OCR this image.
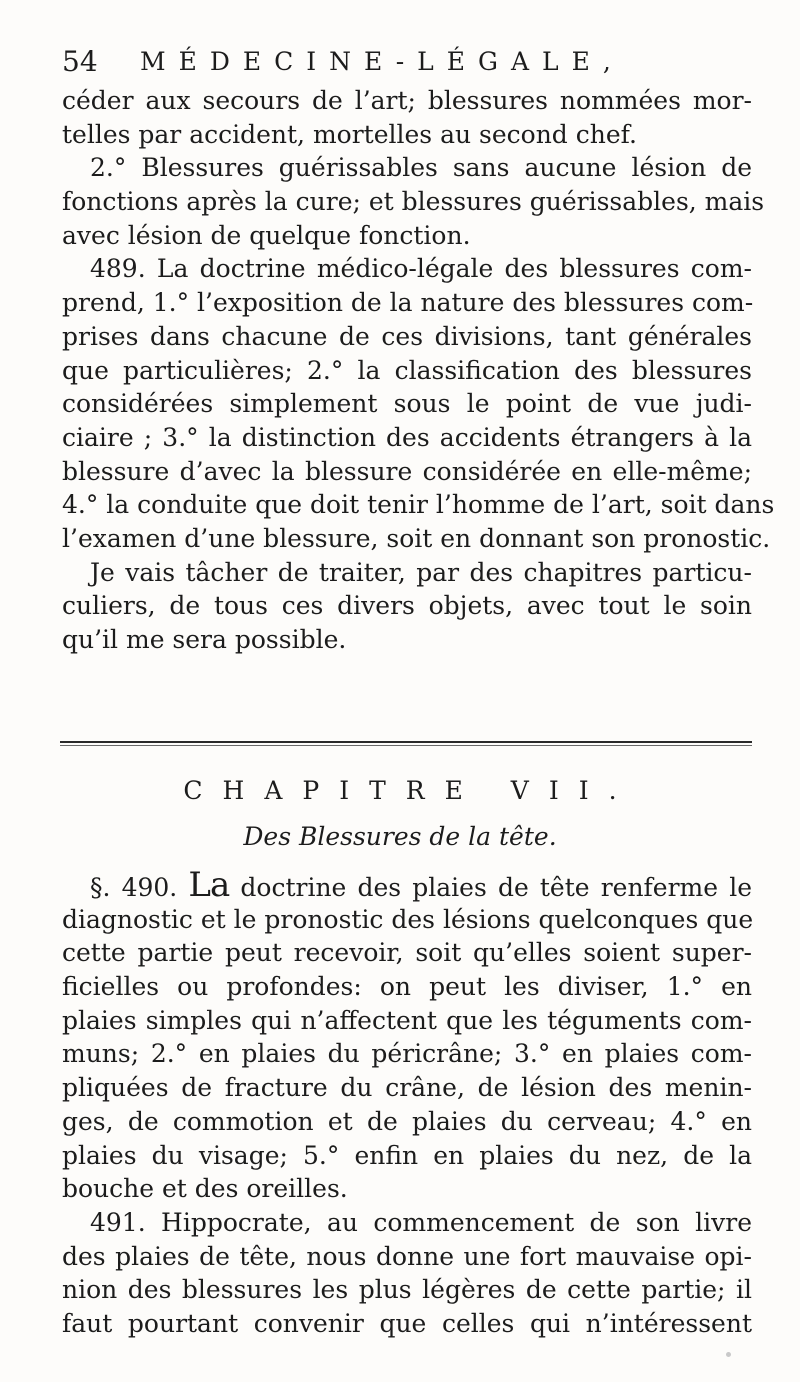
54 MÉDECINE-LÉGALE,

céder aux secours de l’art; blessures nommées mor-

telles par accident, mortelles au second chef.

2.° Blessures guérissables sans aucune lésion de

fonctions après la cure; et blessures guérissables, mais

avec lésion de quelque fonction.

489. La doctrine médico-légale des blessures com-

prend, 1.° l’exposition de la nature des blessures com-

prises dans chacune de ces divisions, tant générales

que particulières; 2.° la classification des blessures

considérées simplement sous le point de vue judi-

ciaire ; 3.° la distinction des accidents étrangers à la

blessure d’avec la blessure considérée en elle-même;

4.° la conduite que doit tenir l’homme de l’art, soit dans

l’examen d’une blessure, soit en donnant son pronostic.

Je vais tâcher de traiter, par des chapitres particu-

culiers, de tous ces divers objets, avec tout le soin

qu’il me sera possible.

CHAPITRE VII.
Des Blessures de la tête.

§. 490. La doctrine des plaies de tête renferme le

diagnostic et le pronostic des lésions quelconques que

cette partie peut recevoir, soit qu’elles soient super-

ficielles ou profondes: on peut les diviser, 1.° en

plaies simples qui n’affectent que les téguments com-

muns; 2.° en plaies du péricrâne; 3.° en plaies com-

pliquées de fracture du crâne, de lésion des menin-

ges, de commotion et de plaies du cerveau; 4.° en

plaies du visage; 5.° enfin en plaies du nez, de la

bouche et des oreilles.

491. Hippocrate, au commencement de son livre

des plaies de tête, nous donne une fort mauvaise opi-

nion des blessures les plus légères de cette partie; il

faut pourtant convenir que celles qui n’intéressent
